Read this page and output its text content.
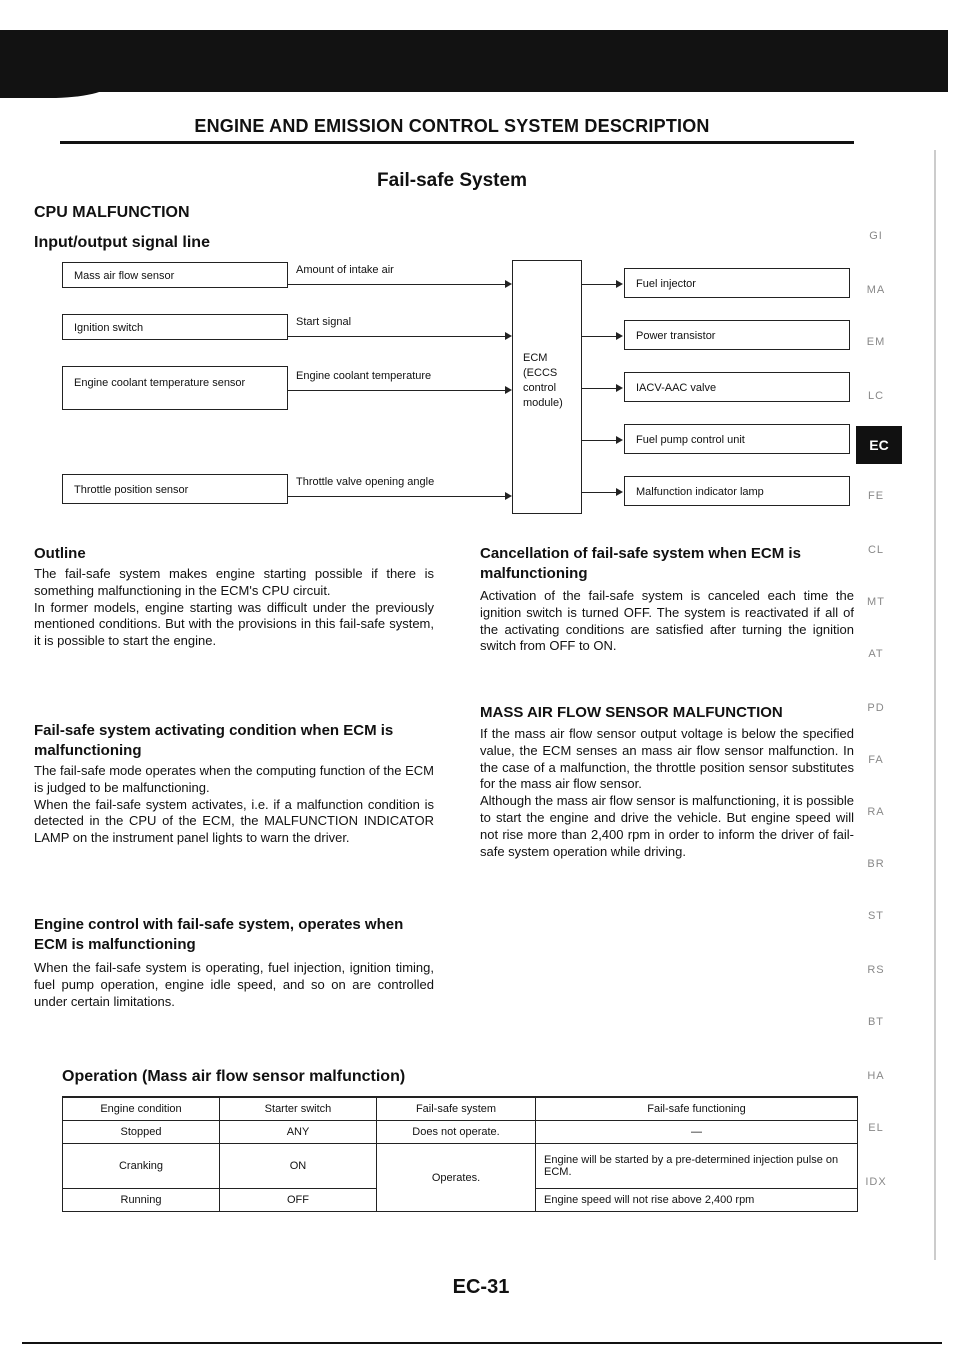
ENGINE AND EMISSION CONTROL SYSTEM DESCRIPTION
Fail-safe System
CPU MALFUNCTION
Input/output signal line
Mass air flow sensor	Amount of intake air
Ignition switch	Start signal
Engine coolant temperature sensor
Engine coolant temperature
Throttle position sensor
Throttle valve opening angle
ECM (ECCS control module)
Fuel injector
Power transistor
IACV-AAC valve
Fuel pump control unit
Malfunction indicator lamp
Outline

The fail-safe system makes engine starting possible if there is something malfunctioning in the ECM's CPU circuit.

In former models, engine starting was difficult under the previously mentioned conditions. But with the provisions in this fail-safe system, it is possible to start the engine.

Fail-safe system activating condition when ECM is malfunctioning

The fail-safe mode operates when the computing function of the ECM is judged to be malfunctioning.

When the fail-safe system activates, i.e. if a malfunction condition is detected in the CPU of the ECM, the MALFUNCTION INDICATOR LAMP on the instrument panel lights to warn the driver.

Engine control with fail-safe system, operates when ECM is malfunctioning

When the fail-safe system is operating, fuel injection, ignition timing, fuel pump operation, engine idle speed, and so on are controlled under certain limitations.

Cancellation of fail-safe system when ECM is malfunctioning

Activation of the fail-safe system is canceled each time the ignition switch is turned OFF. The system is reactivated if all of the activating conditions are satisfied after turning the ignition switch from OFF to ON.

MASS AIR FLOW SENSOR MALFUNCTION

If the mass air flow sensor output voltage is below the specified value, the ECM senses an mass air flow sensor malfunction. In the case of a malfunction, the throttle position sensor substitutes for the mass air flow sensor.

Although the mass air flow sensor is malfunctioning, it is possible to start the engine and drive the vehicle. But engine speed will not rise more than 2,400 rpm in order to inform the driver of fail-safe system operation while driving.

Operation (Mass air flow sensor malfunction)
Engine condition	Starter switch	Fail-safe system	Fail-safe functioning
Stopped	ANY	Does not operate.	—
Cranking	ON	Operates.	Engine will be started by a pre-determined injection pulse on ECM.
Running	OFF		Engine speed will not rise above 2,400 rpm
GI
MA
EM
LC
EC
FE
CL
MT
AT
PD
FA
RA
BR
ST
RS
BT
HA
EL
IDX
EC-31
